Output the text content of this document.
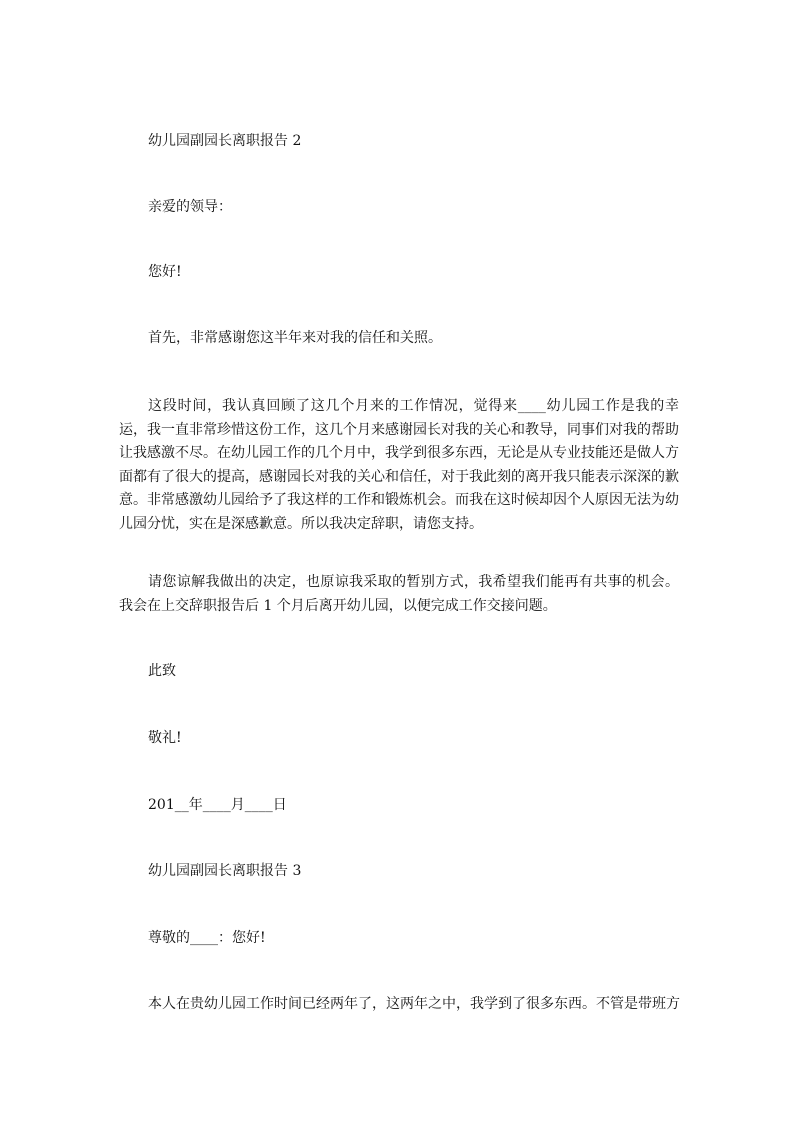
幼儿园副园长离职报告 2
亲爱的领导：
您好!
首先，非常感谢您这半年来对我的信任和关照。
这段时间，我认真回顾了这几个月来的工作情况，觉得来____幼儿园工作是我的幸运，我一直非常珍惜这份工作，这几个月来感谢园长对我的关心和教导，同事们对我的帮助让我感激不尽。在幼儿园工作的几个月中，我学到很多东西，无论是从专业技能还是做人方面都有了很大的提高，感谢园长对我的关心和信任，对于我此刻的离开我只能表示深深的歉意。非常感激幼儿园给予了我这样的工作和锻炼机会。而我在这时候却因个人原因无法为幼儿园分忧，实在是深感歉意。所以我决定辞职，请您支持。
请您谅解我做出的决定，也原谅我采取的暂别方式，我希望我们能再有共事的机会。我会在上交辞职报告后 1 个月后离开幼儿园，以便完成工作交接问题。
此致
敬礼!
201__年____月____日
幼儿园副园长离职报告 3
尊敬的____：您好!
本人在贵幼儿园工作时间已经两年了，这两年之中，我学到了很多东西。不管是带班方
